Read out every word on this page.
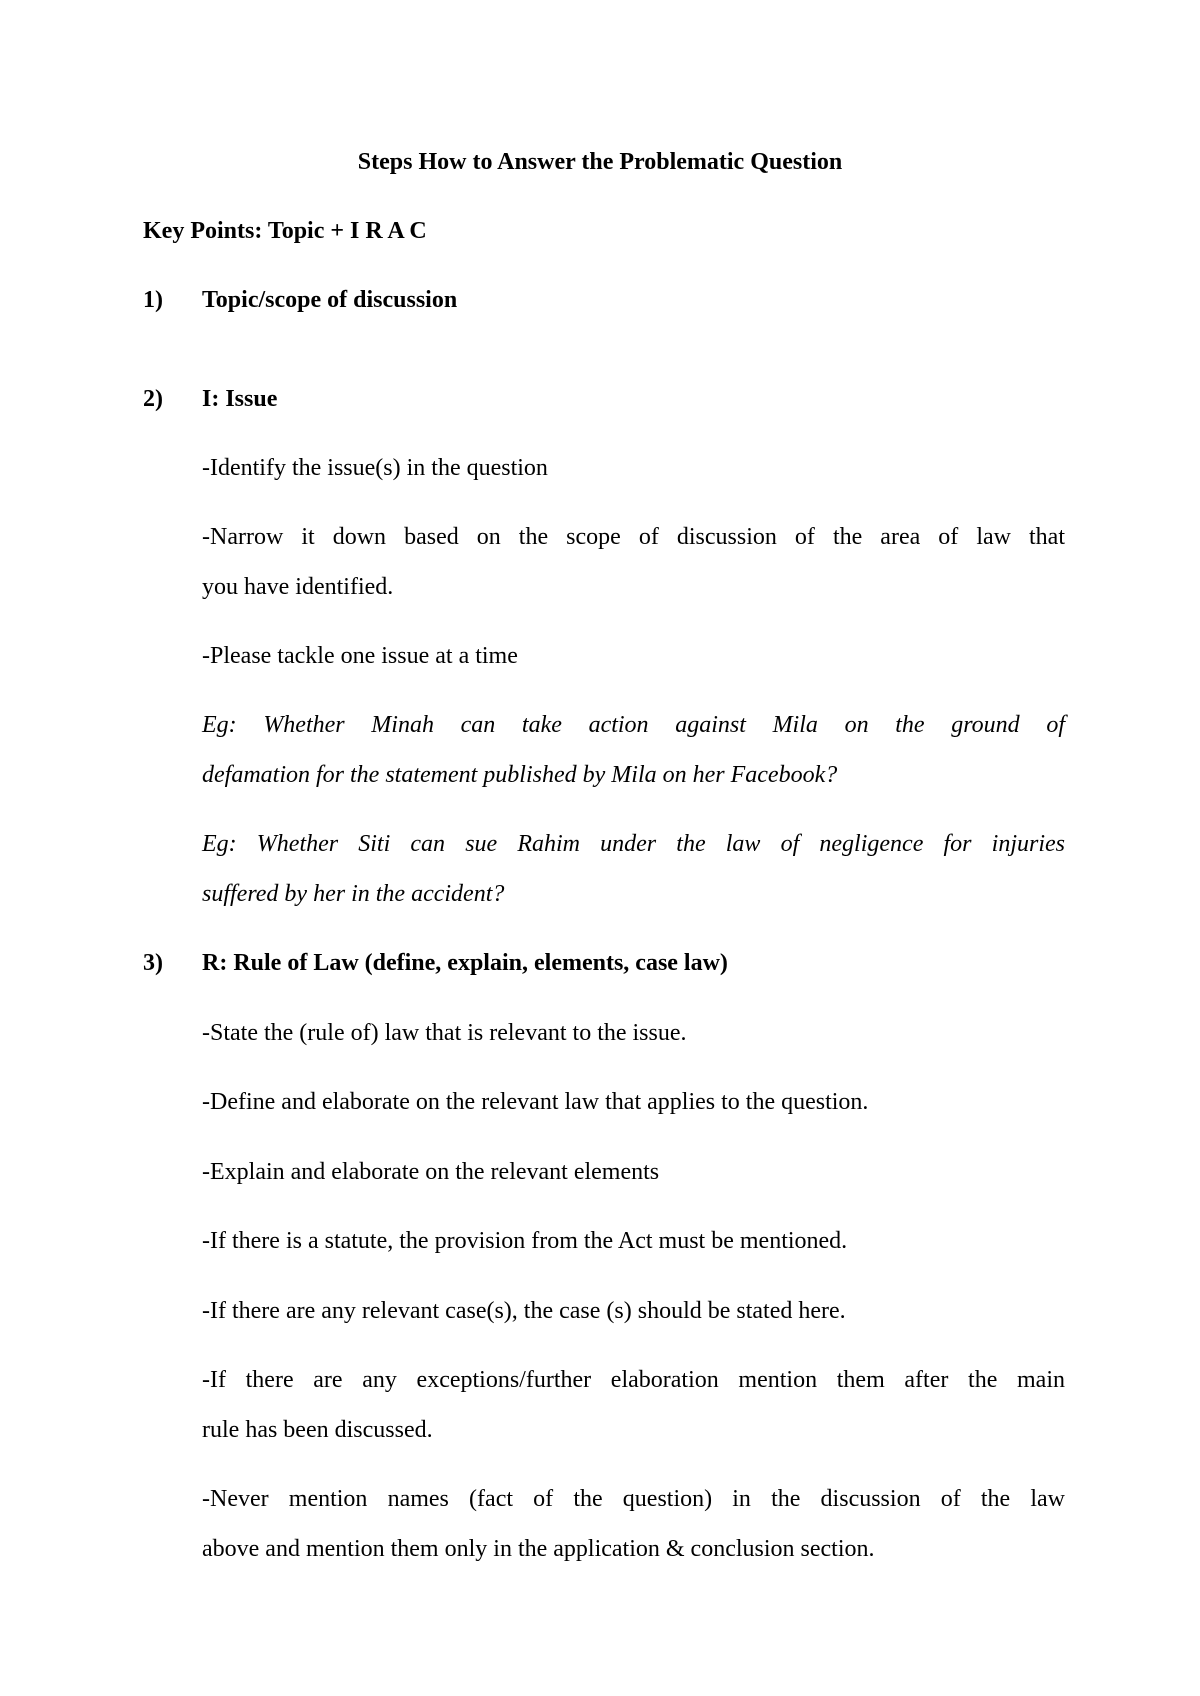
Steps How to Answer the Problematic Question
Key Points: Topic + I R A C
1) Topic/scope of discussion
2) I: Issue
-Identify the issue(s) in the question
-Narrow it down based on the scope of discussion of the area of law that
you have identified.
-Please tackle one issue at a time
Eg: Whether Minah can take action against Mila on the ground of
defamation for the statement published by Mila on her Facebook?
Eg: Whether Siti can sue Rahim under the law of negligence for injuries
suffered by her in the accident?
3) R: Rule of Law (define, explain, elements, case law)
-State the (rule of) law that is relevant to the issue.
-Define and elaborate on the relevant law that applies to the question.
-Explain and elaborate on the relevant elements
-If there is a statute, the provision from the Act must be mentioned.
-If there are any relevant case(s), the case (s) should be stated here.
-If there are any exceptions/further elaboration mention them after the main
rule has been discussed.
-Never mention names (fact of the question) in the discussion of the law
above and mention them only in the application & conclusion section.
